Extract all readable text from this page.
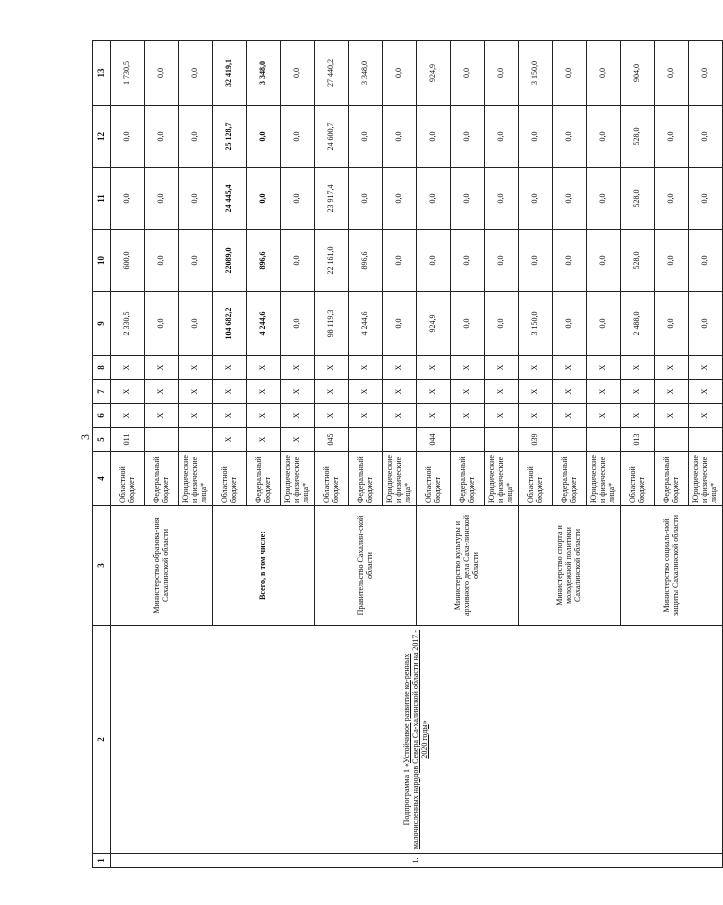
3
1	2	3	4	5	6	7	8	9	10	11	12	13
1.	Подпрограмма 1 «Устойчивое развитие ко-ренных малочисленных народов Севера Са-халинской области на 2017 - 2020 годы»	Министерство образова-ния Сахалинской области	Областной бюджет	011	X	X	X	2 330,5	600,0	0,0	0,0	1 730,5
			Федеральный бюджет		X	X	X	0,0	0,0	0,0	0,0	0,0
			Юридические и физические лица*		X	X	X	0,0	0,0	0,0	0,0	0,0
		Всего, в том числе:	Областной бюджет	X	X	X	X	104 682,2	22089,0	24 445,4	25 128,7	32 419,1
			Федеральный бюджет	X	X	X	X	4 244,6	896,6	0,0	0,0	3 348,0
			Юридические и физические лица*	X	X	X	X	0,0	0,0	0,0	0,0	0,0
		Правительство Сахалин-ской области	Областной бюджет	045	X	X	X	98 119,3	22 161,0	23 917,4	24 600,7	27 440,2
			Федеральный бюджет		X	X	X	4 244,6	896,6	0,0	0,0	3 348,0
			Юридические и физические лица*		X	X	X	0,0	0,0	0,0	0,0	0,0
		Министерство культуры и архивного дела Саха-линской области	Областной бюджет	044	X	X	X	924,9	0,0	0,0	0,0	924,9
			Федеральный бюджет		X	X	X	0,0	0,0	0,0	0,0	0,0
			Юридические и физические лица*		X	X	X	0,0	0,0	0,0	0,0	0,0
		Министерство спорта и молодежной политики Сахалинской области	Областной бюджет	039	X	X	X	3 150,0	0,0	0,0	0,0	3 150,0
			Федеральный бюджет		X	X	X	0,0	0,0	0,0	0,0	0,0
			Юридические и физические лица*		X	X	X	0,0	0,0	0,0	0,0	0,0
		Министерство социаль-ной защиты Сахалинской области	Областной бюджет	013	X	X	X	2 488,0	528,0	528,0	528,0	904,0
			Федеральный бюджет		X	X	X	0,0	0,0	0,0	0,0	0,0
			Юридические и физические лица*		X	X	X	0,0	0,0	0,0	0,0	0,0
